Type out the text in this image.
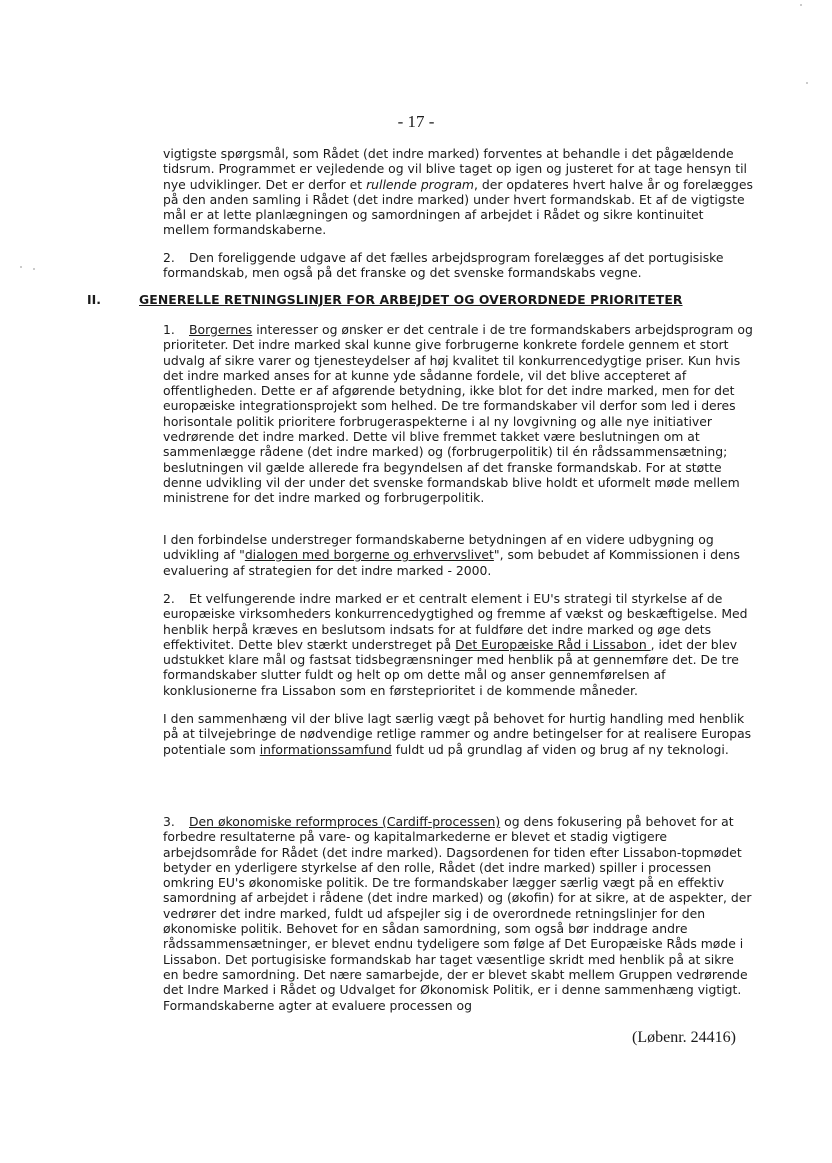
- 17 -

vigtigste spørgsmål, som Rådet (det indre marked) forventes at behandle i det pågældende tidsrum. Programmet er vejledende og vil blive taget op igen og justeret for at tage hensyn til nye udviklinger. Det er derfor et rullende program, der opdateres hvert halve år og forelægges på den anden samling i Rådet (det indre marked) under hvert formandskab. Et af de vigtigste mål er at lette planlægningen og samordningen af arbejdet i Rådet og sikre kontinuitet mellem formandskaberne.

2. Den foreliggende udgave af det fælles arbejdsprogram forelægges af det portugisiske formandskab, men også på det franske og det svenske formandskabs vegne.

II.	GENERELLE RETNINGSLINJER FOR ARBEJDET OG OVERORDNEDE PRIORITETER

1. Borgernes interesser og ønsker er det centrale i de tre formandskabers arbejdsprogram og prioriteter. Det indre marked skal kunne give forbrugerne konkrete fordele gennem et stort udvalg af sikre varer og tjenesteydelser af høj kvalitet til konkurrencedygtige priser. Kun hvis det indre marked anses for at kunne yde sådanne fordele, vil det blive accepteret af offentligheden. Dette er af afgørende betydning, ikke blot for det indre marked, men for det europæiske integrationsprojekt som helhed. De tre formandskaber vil derfor som led i deres horisontale politik prioritere forbrugeraspekterne i al ny lovgivning og alle nye initiativer vedrørende det indre marked. Dette vil blive fremmet takket være beslutningen om at sammenlægge rådene (det indre marked) og (forbrugerpolitik) til én rådssammensætning; beslutningen vil gælde allerede fra begyndelsen af det franske formandskab. For at støtte denne udvikling vil der under det svenske formandskab blive holdt et uformelt møde mellem ministrene for det indre marked og forbrugerpolitik.

I den forbindelse understreger formandskaberne betydningen af en videre udbygning og udvikling af "dialogen med borgerne og erhvervslivet", som bebudet af Kommissionen i dens evaluering af strategien for det indre marked - 2000.

2. Et velfungerende indre marked er et centralt element i EU's strategi til styrkelse af de europæiske virksomheders konkurrencedygtighed og fremme af vækst og beskæftigelse. Med henblik herpå kræves en beslutsom indsats for at fuldføre det indre marked og øge dets effektivitet. Dette blev stærkt understreget på Det Europæiske Råd i Lissabon , idet der blev udstukket klare mål og fastsat tidsbegrænsninger med henblik på at gennemføre det. De tre formandskaber slutter fuldt og helt op om dette mål og anser gennemførelsen af konklusionerne fra Lissabon som en førsteprioritet i de kommende måneder.

I den sammenhæng vil der blive lagt særlig vægt på behovet for hurtig handling med henblik på at tilvejebringe de nødvendige retlige rammer og andre betingelser for at realisere Europas potentiale som informationssamfund fuldt ud på grundlag af viden og brug af ny teknologi.

3. Den økonomiske reformproces (Cardiff-processen) og dens fokusering på behovet for at forbedre resultaterne på vare- og kapitalmarkederne er blevet et stadig vigtigere arbejdsområde for Rådet (det indre marked). Dagsordenen for tiden efter Lissabon-topmødet betyder en yderligere styrkelse af den rolle, Rådet (det indre marked) spiller i processen omkring EU's økonomiske politik. De tre formandskaber lægger særlig vægt på en effektiv samordning af arbejdet i rådene (det indre marked) og (økofin) for at sikre, at de aspekter, der vedrører det indre marked, fuldt ud afspejler sig i de overordnede retningslinjer for den økonomiske politik. Behovet for en sådan samordning, som også bør inddrage andre rådssammensætninger, er blevet endnu tydeligere som følge af Det Europæiske Råds møde i Lissabon. Det portugisiske formandskab har taget væsentlige skridt med henblik på at sikre en bedre samordning. Det nære samarbejde, der er blevet skabt mellem Gruppen vedrørende det Indre Marked i Rådet og Udvalget for Økonomisk Politik, er i denne sammenhæng vigtigt. Formandskaberne agter at evaluere processen og

(Løbenr. 24416)
